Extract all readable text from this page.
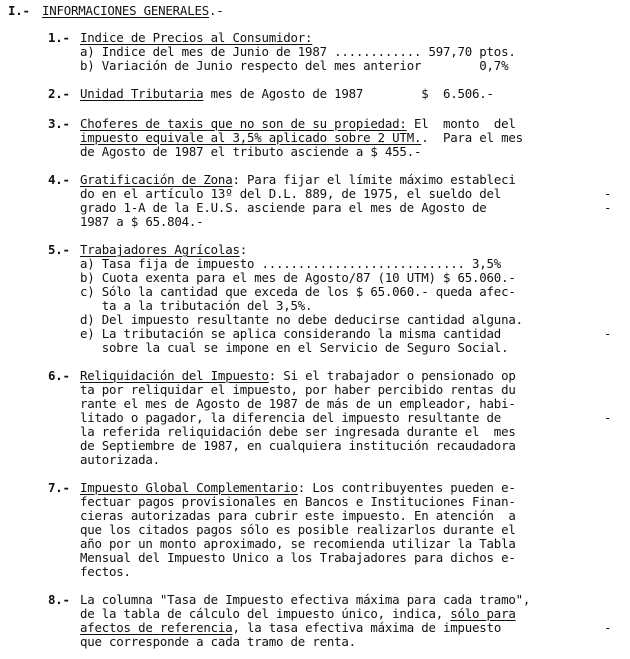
I.- INFORMACIONES GENERALES.-
1.- Indice de Precios al Consumidor:
a) Indice del mes de Junio de 1987 ............ 597,70 ptos.
b) Variación de Junio respecto del mes anterior        0,7%
2.- Unidad Tributaria mes de Agosto de 1987        $  6.506.-
3.- Choferes de taxis que no son de su propiedad: El  monto  del
impuesto equivale al 3,5% aplicado sobre 2 UTM..  Para el mes
de Agosto de 1987 el tributo asciende a $ 455.-
4.- Gratificación de Zona: Para fijar el límite máximo estableci
do en el artículo 13º del D.L. 889, de 1975, el sueldo del
grado 1-A de la E.U.S. asciende para el mes de Agosto de
1987 a $ 65.804.-
5.- Trabajadores Agrícolas:
a) Tasa fija de impuesto ............................ 3,5%
b) Cuota exenta para el mes de Agosto/87 (10 UTM) $ 65.060.-
c) Sólo la cantidad que exceda de los $ 65.060.- queda afec-
ta a la tributación del 3,5%.
d) Del impuesto resultante no debe deducirse cantidad alguna.
e) La tributación se aplica considerando la misma cantidad
sobre la cual se impone en el Servicio de Seguro Social.
6.- Reliquidación del Impuesto: Si el trabajador o pensionado op
ta por reliquidar el impuesto, por haber percibido rentas du
rante el mes de Agosto de 1987 de más de un empleador, habi-
litado o pagador, la diferencia del impuesto resultante de
la referida reliquidación debe ser ingresada durante el  mes
de Septiembre de 1987, en cualquiera institución recaudadora
autorizada.
7.- Impuesto Global Complementario: Los contribuyentes pueden e-
fectuar pagos provisionales en Bancos e Instituciones Finan-
cieras autorizadas para cubrir este impuesto. En atención  a
que los citados pagos sólo es posible realizarlos durante el
año por un monto aproximado, se recomienda utilizar la Tabla
Mensual del Impuesto Unico a los Trabajadores para dichos e-
fectos.
8.- La columna "Tasa de Impuesto efectiva máxima para cada tramo",
de la tabla de cálculo del impuesto único, indica, sólo para
afectos de referencia, la tasa efectiva máxima de impuesto
que corresponde a cada tramo de renta.
-
-
-
-
-
